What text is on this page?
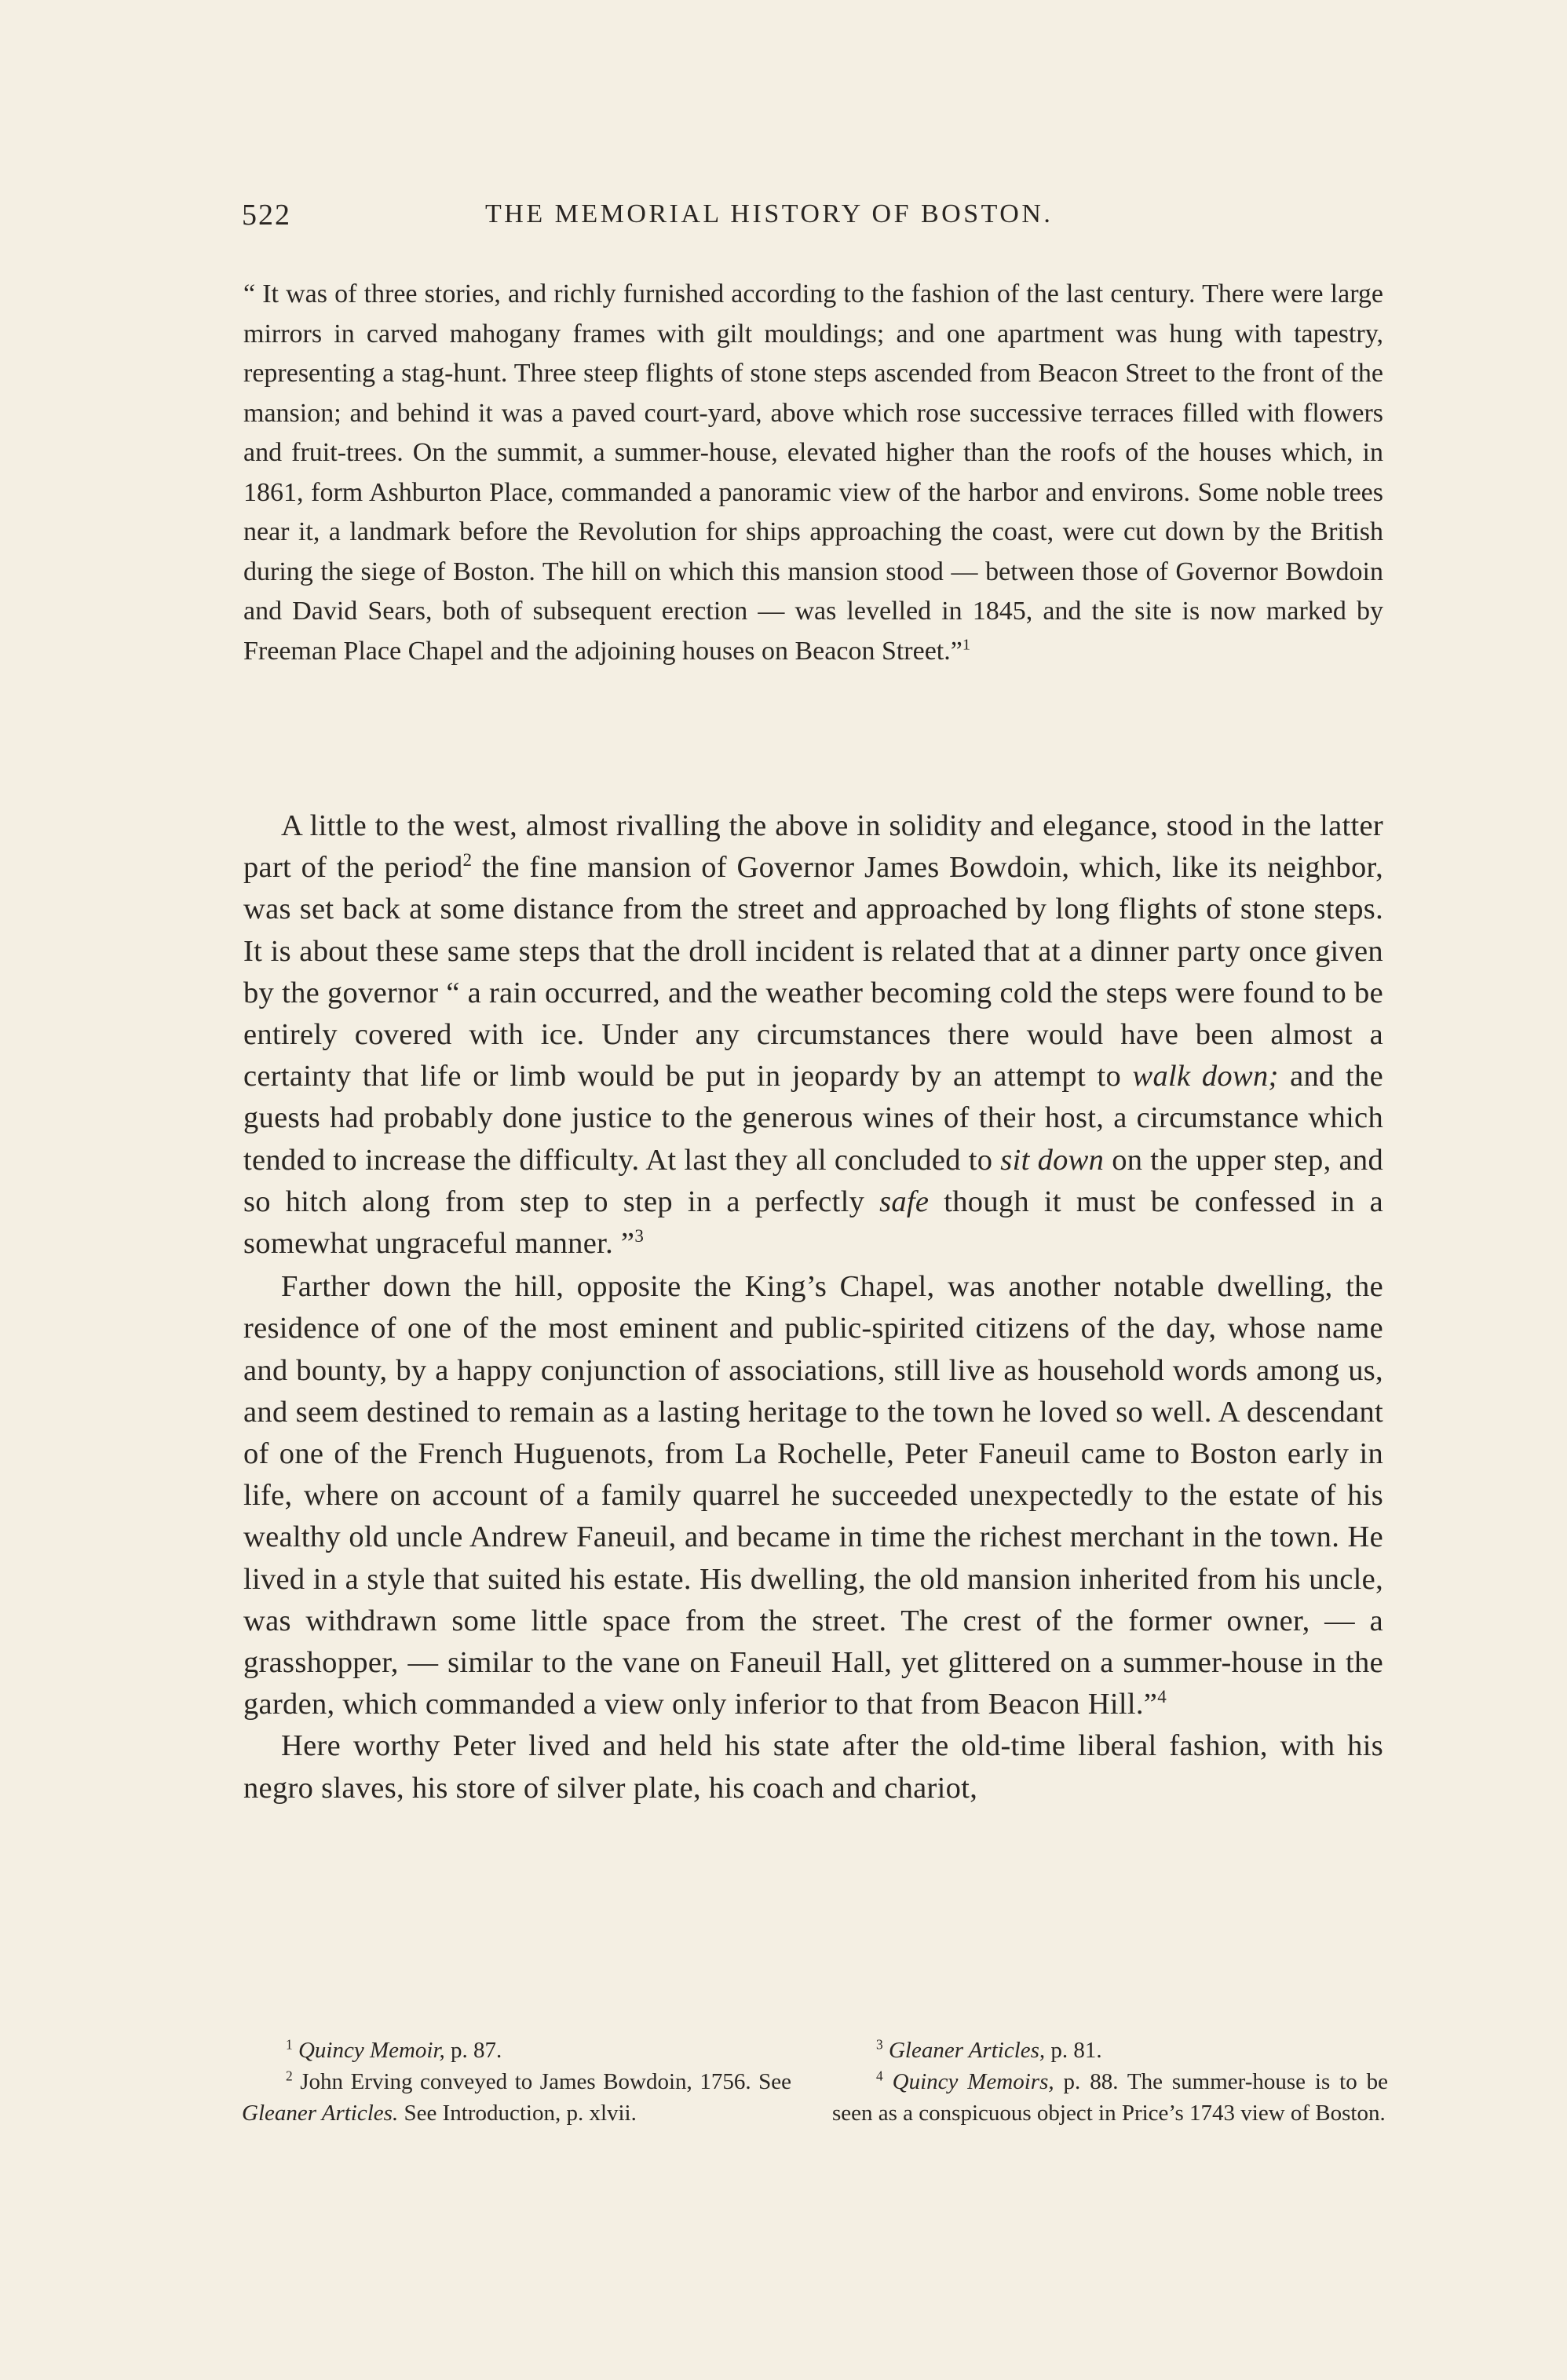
522	THE MEMORIAL HISTORY OF BOSTON.

“ It was of three stories, and richly furnished according to the fashion of the last century. There were large mirrors in carved mahogany frames with gilt mouldings; and one apartment was hung with tapestry, representing a stag-hunt. Three steep flights of stone steps ascended from Beacon Street to the front of the mansion; and behind it was a paved court-yard, above which rose successive terraces filled with flowers and fruit-trees. On the summit, a summer-house, elevated higher than the roofs of the houses which, in 1861, form Ashburton Place, commanded a panoramic view of the harbor and environs. Some noble trees near it, a landmark before the Revolution for ships approaching the coast, were cut down by the British during the siege of Boston. The hill on which this mansion stood — between those of Governor Bowdoin and David Sears, both of subsequent erection — was levelled in 1845, and the site is now marked by Freeman Place Chapel and the adjoining houses on Beacon Street.”$^1$

A little to the west, almost rivalling the above in solidity and elegance, stood in the latter part of the period$^2$ the fine mansion of Governor James Bowdoin, which, like its neighbor, was set back at some distance from the street and approached by long flights of stone steps. It is about these same steps that the droll incident is related that at a dinner party once given by the governor “ a rain occurred, and the weather becoming cold the steps were found to be entirely covered with ice. Under any circumstances there would have been almost a certainty that life or limb would be put in jeopardy by an attempt to walk down; and the guests had probably done justice to the generous wines of their host, a circumstance which tended to increase the difficulty. At last they all concluded to sit down on the upper step, and so hitch along from step to step in a perfectly safe though it must be confessed in a somewhat ungraceful manner. ”$^3$

Farther down the hill, opposite the King’s Chapel, was another notable dwelling, the residence of one of the most eminent and public-spirited citizens of the day, whose name and bounty, by a happy conjunction of associations, still live as household words among us, and seem destined to remain as a lasting heritage to the town he loved so well. A descendant of one of the French Huguenots, from La Rochelle, Peter Faneuil came to Boston early in life, where on account of a family quarrel he succeeded unexpectedly to the estate of his wealthy old uncle Andrew Faneuil, and became in time the richest merchant in the town. He lived in a style that suited his estate. His dwelling, the old mansion inherited from his uncle, was withdrawn some little space from the street. The crest of the former owner, — a grasshopper, — similar to the vane on Faneuil Hall, yet glittered on a summer-house in the garden, which commanded a view only inferior to that from Beacon Hill.”$^4$

Here worthy Peter lived and held his state after the old-time liberal fashion, with his negro slaves, his store of silver plate, his coach and chariot,

$^1$ Quincy Memoir, p. 87.

$^2$ John Erving conveyed to James Bowdoin, 1756. See Gleaner Articles. See Introduction, p. xlvii.

$^3$ Gleaner Articles, p. 81.

$^4$ Quincy Memoirs, p. 88. The summer-house is to be seen as a conspicuous object in Price’s 1743 view of Boston.
